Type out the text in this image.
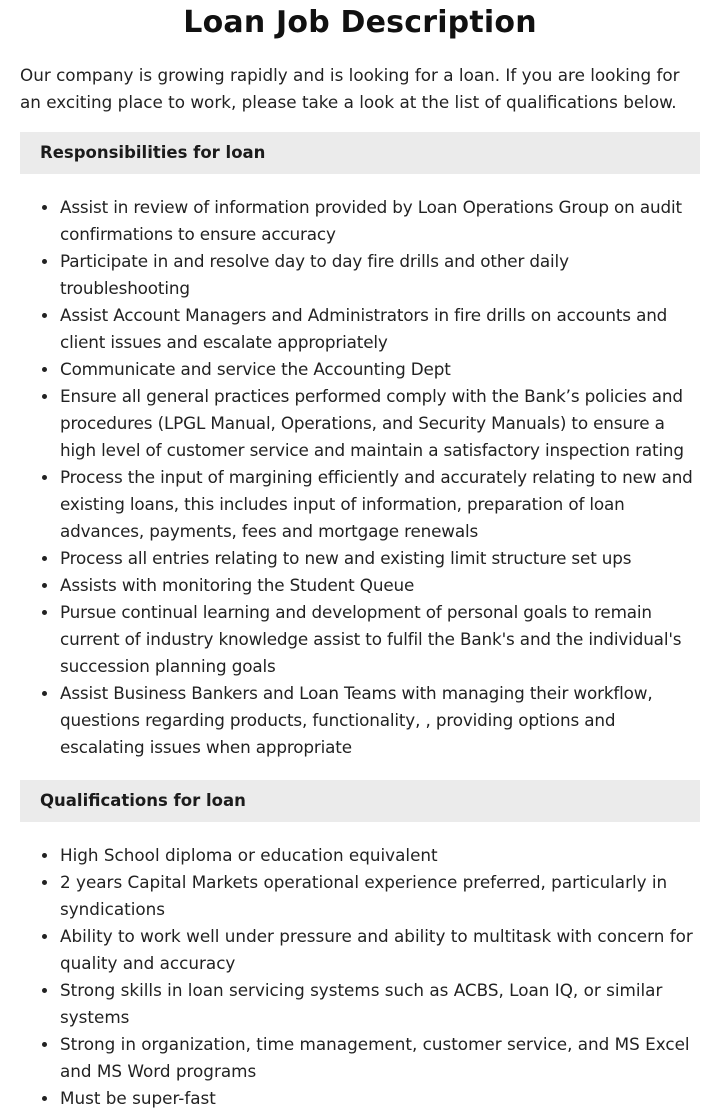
Loan Job Description

Our company is growing rapidly and is looking for a loan. If you are looking for an exciting place to work, please take a look at the list of qualifications below.

Responsibilities for loan
Assist in review of information provided by Loan Operations Group on audit confirmations to ensure accuracy
Participate in and resolve day to day fire drills and other daily troubleshooting
Assist Account Managers and Administrators in fire drills on accounts and client issues and escalate appropriately
Communicate and service the Accounting Dept
Ensure all general practices performed comply with the Bank’s policies and procedures (LPGL Manual, Operations, and Security Manuals) to ensure a high level of customer service and maintain a satisfactory inspection rating
Process the input of margining efficiently and accurately relating to new and existing loans, this includes input of information, preparation of loan advances, payments, fees and mortgage renewals
Process all entries relating to new and existing limit structure set ups
Assists with monitoring the Student Queue
Pursue continual learning and development of personal goals to remain current of industry knowledge assist to fulfil the Bank's and the individual's succession planning goals
Assist Business Bankers and Loan Teams with managing their workflow, questions regarding products, functionality, , providing options and escalating issues when appropriate
Qualifications for loan
High School diploma or education equivalent
2 years Capital Markets operational experience preferred, particularly in syndications
Ability to work well under pressure and ability to multitask with concern for quality and accuracy
Strong skills in loan servicing systems such as ACBS, Loan IQ, or similar systems
Strong in organization, time management, customer service, and MS Excel and MS Word programs
Must be super-fast
